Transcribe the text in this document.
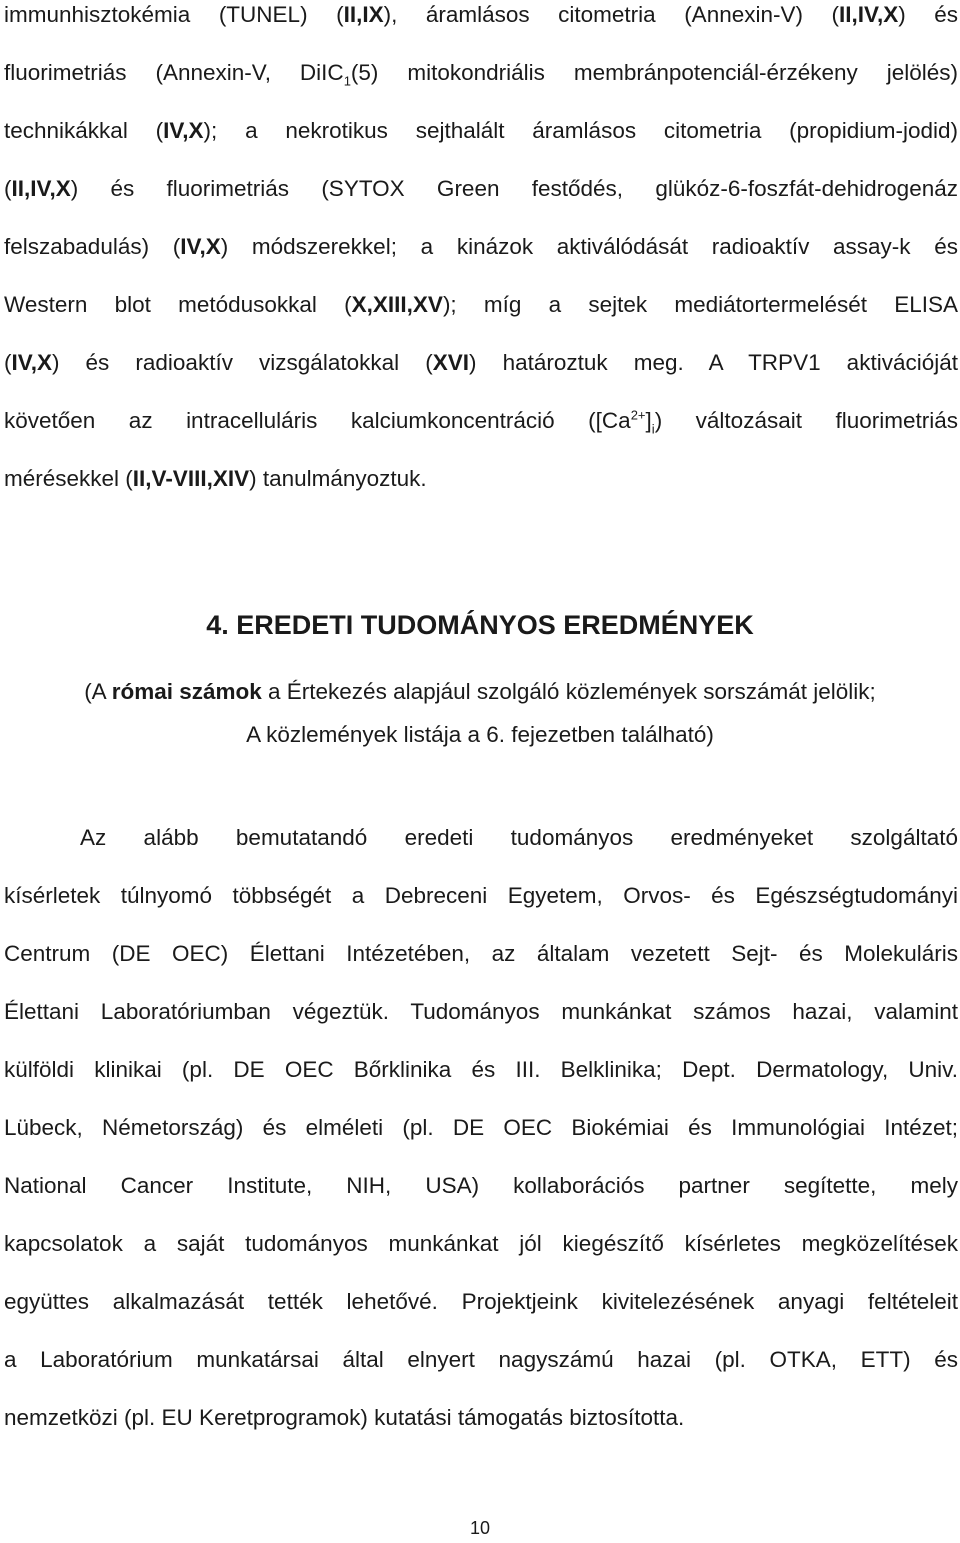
immunhisztokémia (TUNEL) (II,IX), áramlásos citometria (Annexin-V) (II,IV,X) és
fluorimetriás (Annexin-V, DiIC$_1$(5) mitokondriális membránpotenciál-érzékeny jelölés)
technikákkal (IV,X); a nekrotikus sejthalált áramlásos citometria (propidium-jodid)
(II,IV,X) és fluorimetriás (SYTOX Green festődés, glükóz-6-foszfát-dehidrogenáz
felszabadulás) (IV,X) módszerekkel; a kinázok aktiválódását radioaktív assay-k és
Western blot metódusokkal (X,XIII,XV); míg a sejtek mediátortermelését ELISA
(IV,X) és radioaktív vizsgálatokkal (XVI) határoztuk meg. A TRPV1 aktivációját
követően az intracelluláris kalciumkoncentráció $([Ca^{2+}]_i)$ változásait fluorimetriás
mérésekkel (II,V-VIII,XIV) tanulmányoztuk.
4. EREDETI TUDOMÁNYOS EREDMÉNYEK
(A római számok a Értekezés alapjául szolgáló közlemények sorszámát jelölik;
A közlemények listája a 6. fejezetben található)
Az alább bemutatandó eredeti tudományos eredményeket szolgáltató
kísérletek túlnyomó többségét a Debreceni Egyetem, Orvos- és Egészségtudományi
Centrum (DE OEC) Élettani Intézetében, az általam vezetett Sejt- és Molekuláris
Élettani Laboratóriumban végeztük. Tudományos munkánkat számos hazai, valamint
külföldi klinikai (pl. DE OEC Bőrklinika és III. Belklinika; Dept. Dermatology, Univ.
Lübeck, Németország) és elméleti (pl. DE OEC Biokémiai és Immunológiai Intézet;
National Cancer Institute, NIH, USA) kollaborációs partner segítette, mely
kapcsolatok a saját tudományos munkánkat jól kiegészítő kísérletes megközelítések
együttes alkalmazását tették lehetővé. Projektjeink kivitelezésének anyagi feltételeit
a Laboratórium munkatársai által elnyert nagyszámú hazai (pl. OTKA, ETT) és
nemzetközi (pl. EU Keretprogramok) kutatási támogatás biztosította.
10
